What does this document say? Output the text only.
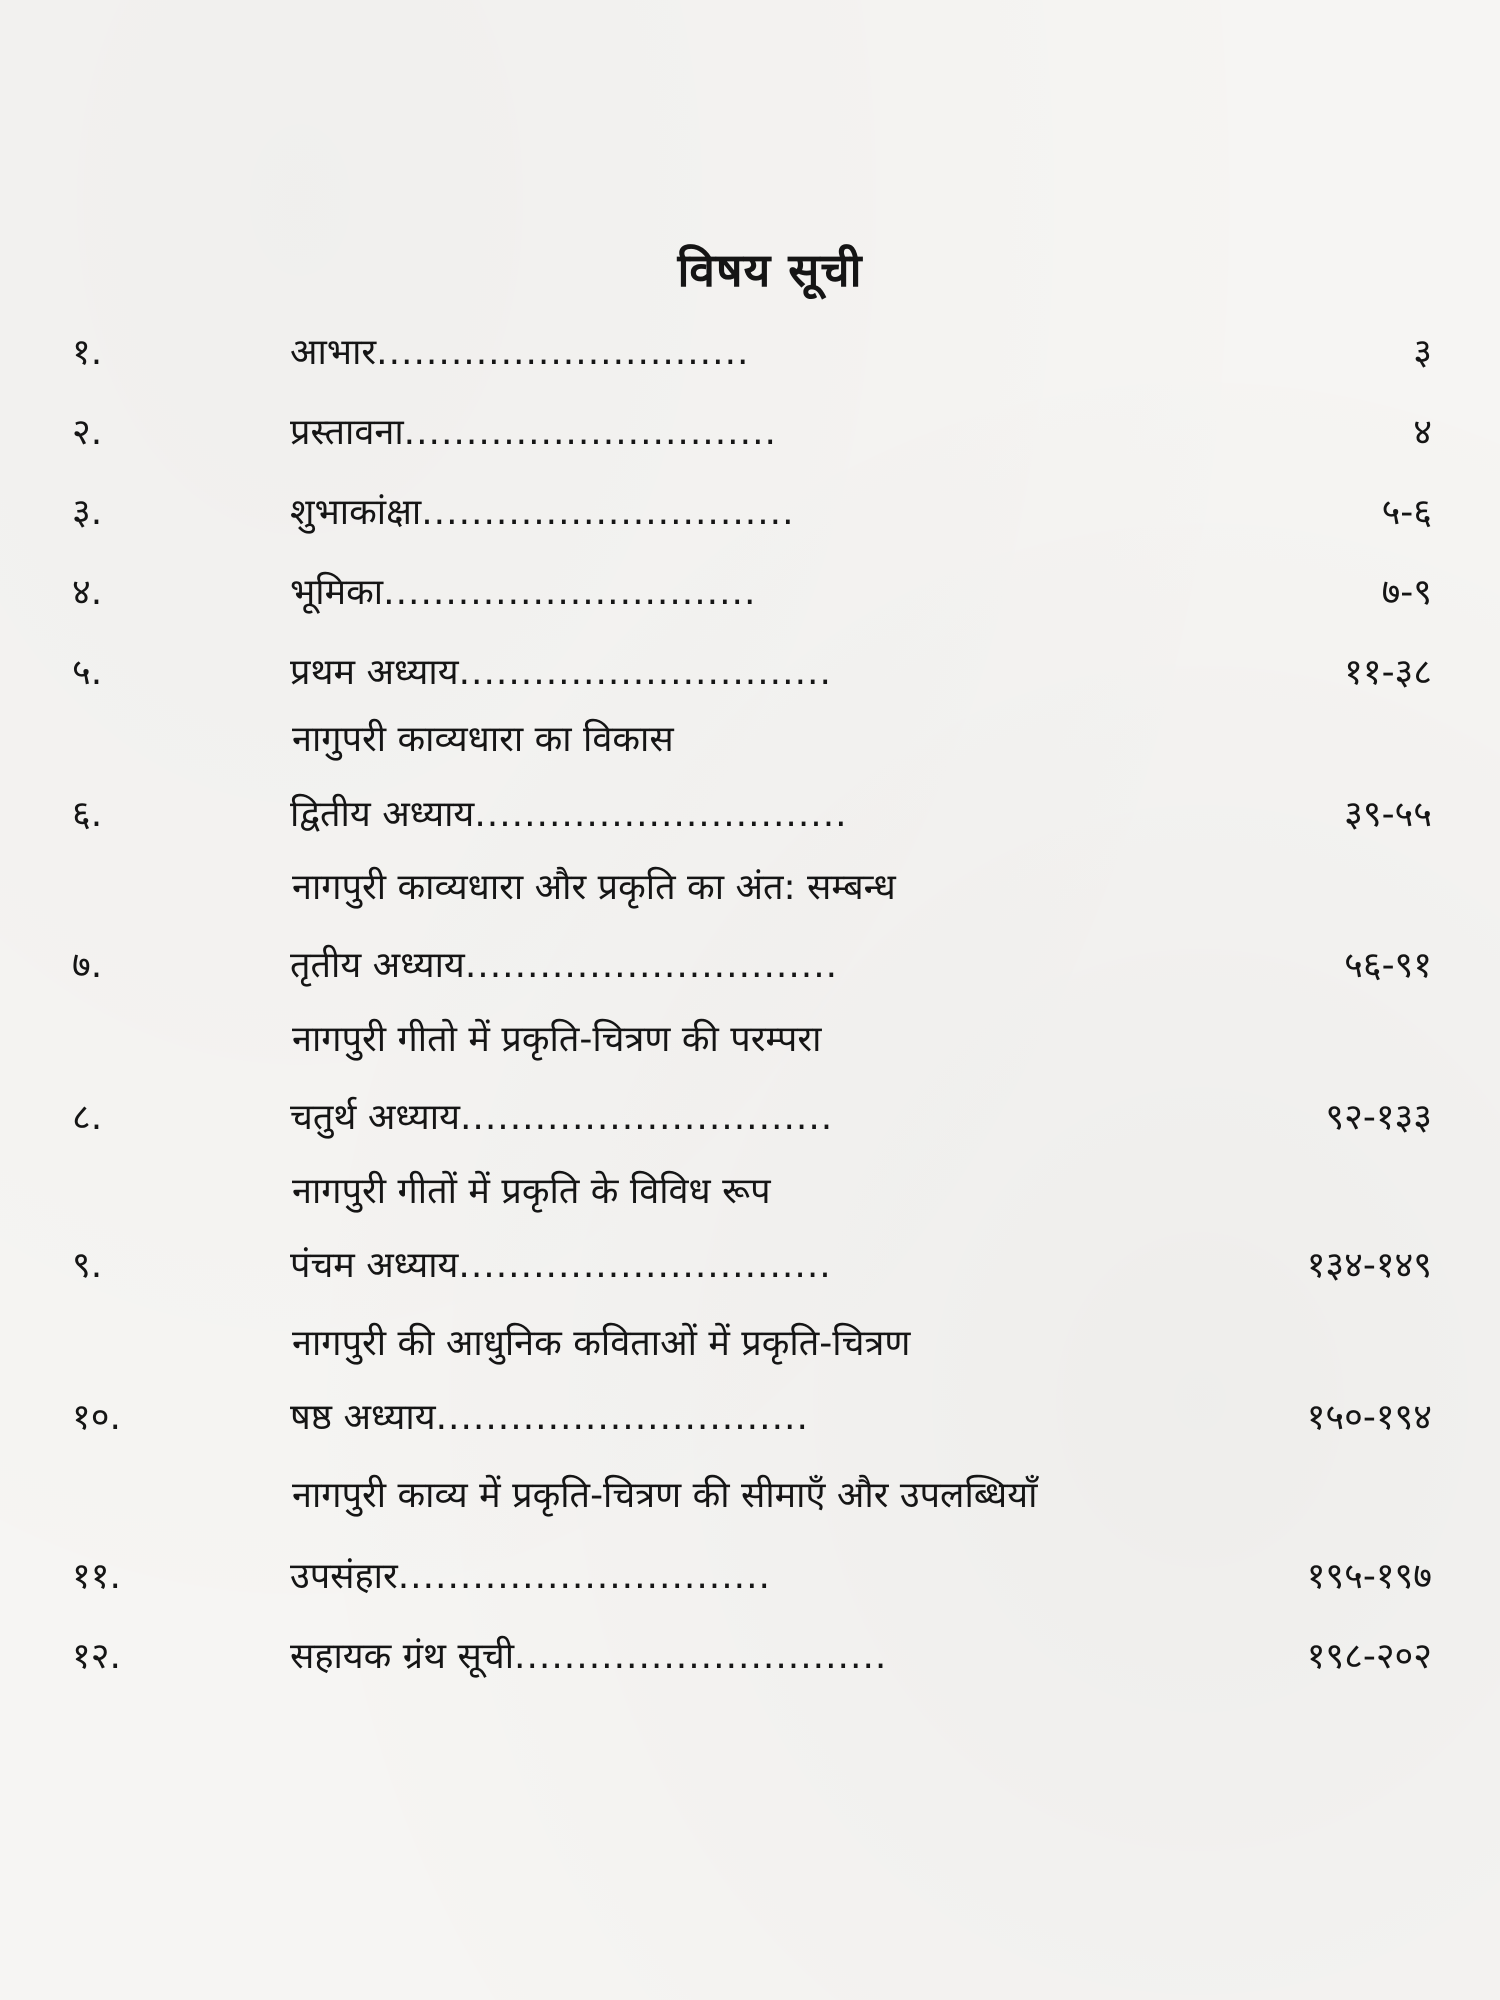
विषय सूची
१.	आभार..............................	३
२.	प्रस्तावना..............................	४
३.	शुभाकांक्षा..............................	५-६
४.	भूमिका..............................	७-९
५.	प्रथम अध्याय..............................	११-३८
नागुपरी काव्यधारा का विकास
६.	द्वितीय अध्याय..............................	३९-५५
नागपुरी काव्यधारा और प्रकृति का अंत: सम्बन्ध
७.	तृतीय अध्याय..............................	५६-९१
नागपुरी गीतो में प्रकृति-चित्रण की परम्परा
८.	चतुर्थ अध्याय..............................	९२-१३३
नागपुरी गीतों में प्रकृति के विविध रूप
९.	पंचम अध्याय..............................	१३४-१४९
नागपुरी की आधुनिक कविताओं में प्रकृति-चित्रण
१०.	षष्ठ अध्याय..............................	१५०-१९४
नागपुरी काव्य में प्रकृति-चित्रण की सीमाएँ और उपलब्धियाँ
११.	उपसंहार..............................	१९५-१९७
१२.	सहायक ग्रंथ सूची..............................	१९८-२०२
